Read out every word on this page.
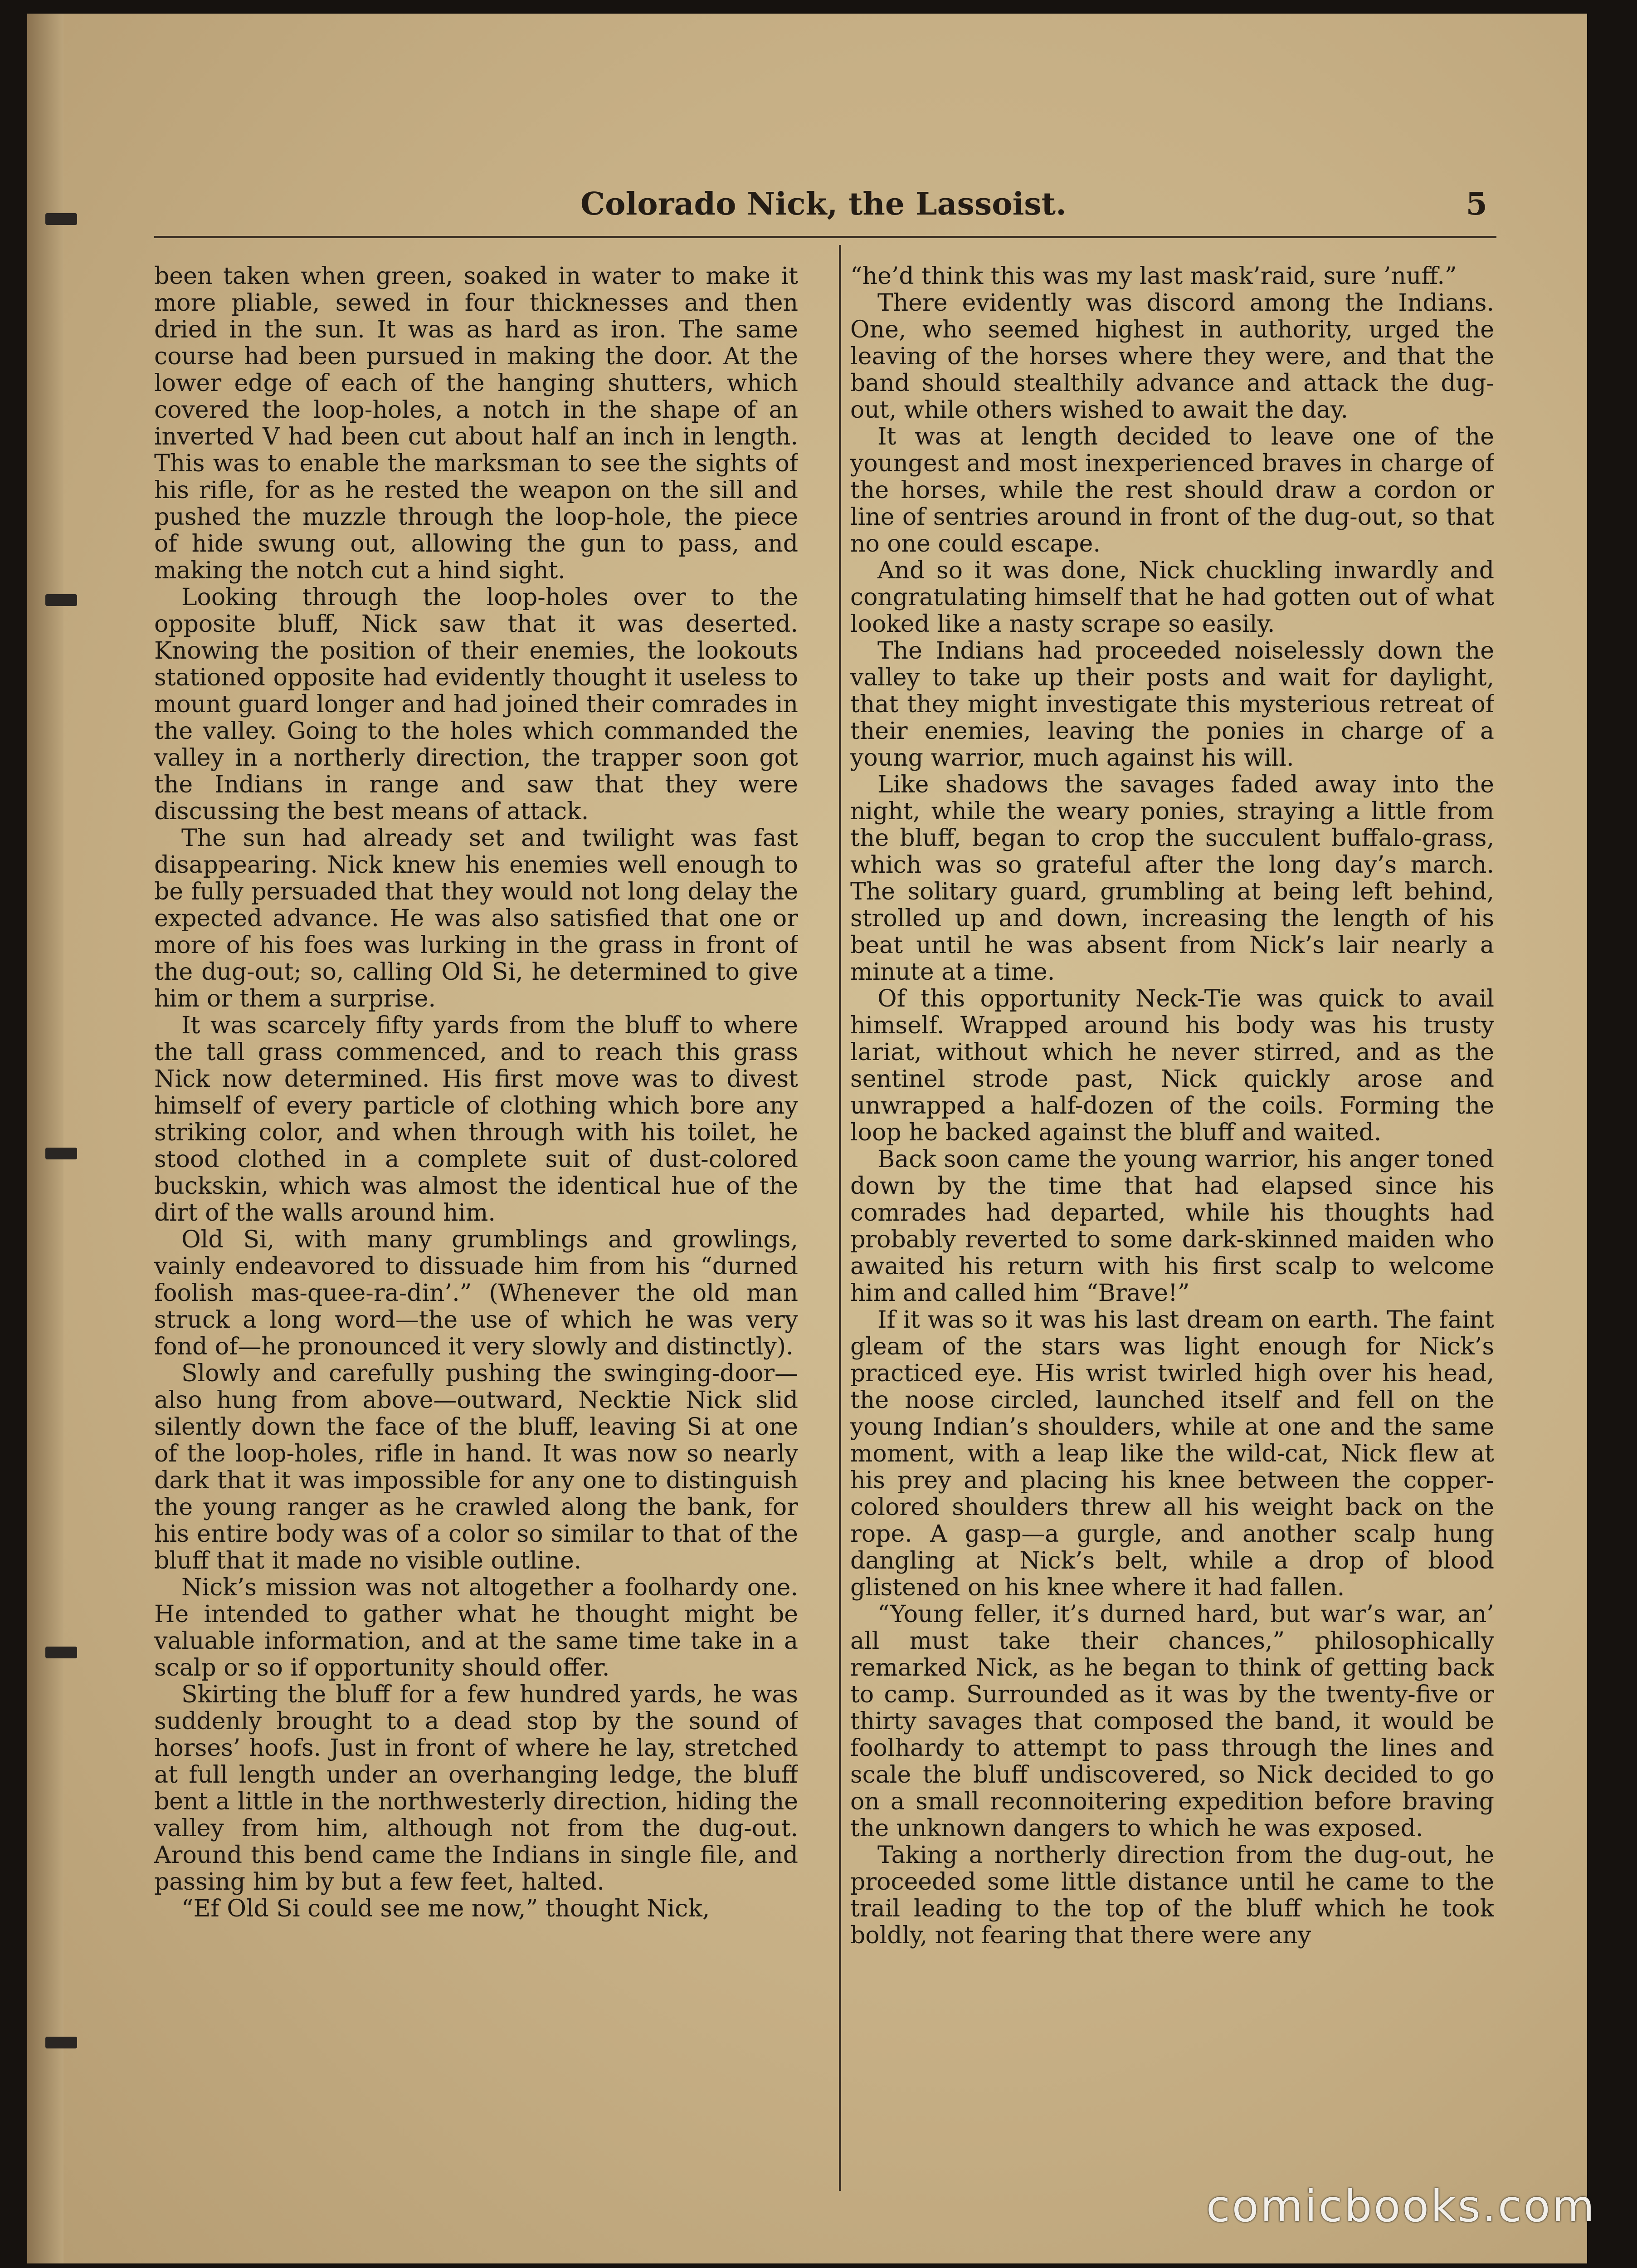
Colorado Nick, the Lassoist.	5

been taken when green, soaked in water to make it more pliable, sewed in four thicknesses and then dried in the sun. It was as hard as iron. The same course had been pursued in making the door. At the lower edge of each of the hanging shutters, which covered the loop-holes, a notch in the shape of an inverted V had been cut about half an inch in length. This was to enable the marksman to see the sights of his rifle, for as he rested the weapon on the sill and pushed the muzzle through the loop-hole, the piece of hide swung out, allowing the gun to pass, and making the notch cut a hind sight.

Looking through the loop-holes over to the opposite bluff, Nick saw that it was deserted. Knowing the position of their enemies, the lookouts stationed opposite had evidently thought it useless to mount guard longer and had joined their comrades in the valley. Going to the holes which commanded the valley in a northerly direction, the trapper soon got the Indians in range and saw that they were discussing the best means of attack.

The sun had already set and twilight was fast disappearing. Nick knew his enemies well enough to be fully persuaded that they would not long delay the expected advance. He was also satisfied that one or more of his foes was lurking in the grass in front of the dug-out; so, calling Old Si, he determined to give him or them a surprise.

It was scarcely fifty yards from the bluff to where the tall grass commenced, and to reach this grass Nick now determined. His first move was to divest himself of every particle of clothing which bore any striking color, and when through with his toilet, he stood clothed in a complete suit of dust-colored buckskin, which was almost the identical hue of the dirt of the walls around him.

Old Si, with many grumblings and growlings, vainly endeavored to dissuade him from his “durned foolish mas-quee-ra-din’.” (Whenever the old man struck a long word—the use of which he was very fond of—he pronounced it very slowly and distinctly).

Slowly and carefully pushing the swinging-door—also hung from above—outward, Necktie Nick slid silently down the face of the bluff, leaving Si at one of the loop-holes, rifle in hand. It was now so nearly dark that it was impossible for any one to distinguish the young ranger as he crawled along the bank, for his entire body was of a color so similar to that of the bluff that it made no visible outline.

Nick’s mission was not altogether a foolhardy one. He intended to gather what he thought might be valuable information, and at the same time take in a scalp or so if opportunity should offer.

Skirting the bluff for a few hundred yards, he was suddenly brought to a dead stop by the sound of horses’ hoofs. Just in front of where he lay, stretched at full length under an overhanging ledge, the bluff bent a little in the northwesterly direction, hiding the valley from him, although not from the dug-out. Around this bend came the Indians in single file, and passing him by but a few feet, halted.

“Ef Old Si could see me now,” thought Nick,

“he’d think this was my last mask’raid, sure ’nuff.”

There evidently was discord among the Indians. One, who seemed highest in authority, urged the leaving of the horses where they were, and that the band should stealthily advance and attack the dug-out, while others wished to await the day.

It was at length decided to leave one of the youngest and most inexperienced braves in charge of the horses, while the rest should draw a cordon or line of sentries around in front of the dug-out, so that no one could escape.

And so it was done, Nick chuckling inwardly and congratulating himself that he had gotten out of what looked like a nasty scrape so easily.

The Indians had proceeded noiselessly down the valley to take up their posts and wait for daylight, that they might investigate this mysterious retreat of their enemies, leaving the ponies in charge of a young warrior, much against his will.

Like shadows the savages faded away into the night, while the weary ponies, straying a little from the bluff, began to crop the succulent buffalo-grass, which was so grateful after the long day’s march. The solitary guard, grumbling at being left behind, strolled up and down, increasing the length of his beat until he was absent from Nick’s lair nearly a minute at a time.

Of this opportunity Neck-Tie was quick to avail himself. Wrapped around his body was his trusty lariat, without which he never stirred, and as the sentinel strode past, Nick quickly arose and unwrapped a half-dozen of the coils. Forming the loop he backed against the bluff and waited.

Back soon came the young warrior, his anger toned down by the time that had elapsed since his comrades had departed, while his thoughts had probably reverted to some dark-skinned maiden who awaited his return with his first scalp to welcome him and called him “Brave!”

If it was so it was his last dream on earth. The faint gleam of the stars was light enough for Nick’s practiced eye. His wrist twirled high over his head, the noose circled, launched itself and fell on the young Indian’s shoulders, while at one and the same moment, with a leap like the wild-cat, Nick flew at his prey and placing his knee between the copper-colored shoulders threw all his weight back on the rope. A gasp—a gurgle, and another scalp hung dangling at Nick’s belt, while a drop of blood glistened on his knee where it had fallen.

“Young feller, it’s durned hard, but war’s war, an’ all must take their chances,” philosophically remarked Nick, as he began to think of getting back to camp. Surrounded as it was by the twenty-five or thirty savages that composed the band, it would be foolhardy to attempt to pass through the lines and scale the bluff undiscovered, so Nick decided to go on a small reconnoitering expedition before braving the unknown dangers to which he was exposed.

Taking a northerly direction from the dug-out, he proceeded some little distance until he came to the trail leading to the top of the bluff which he took boldly, not fearing that there were any

comicbooks.com
